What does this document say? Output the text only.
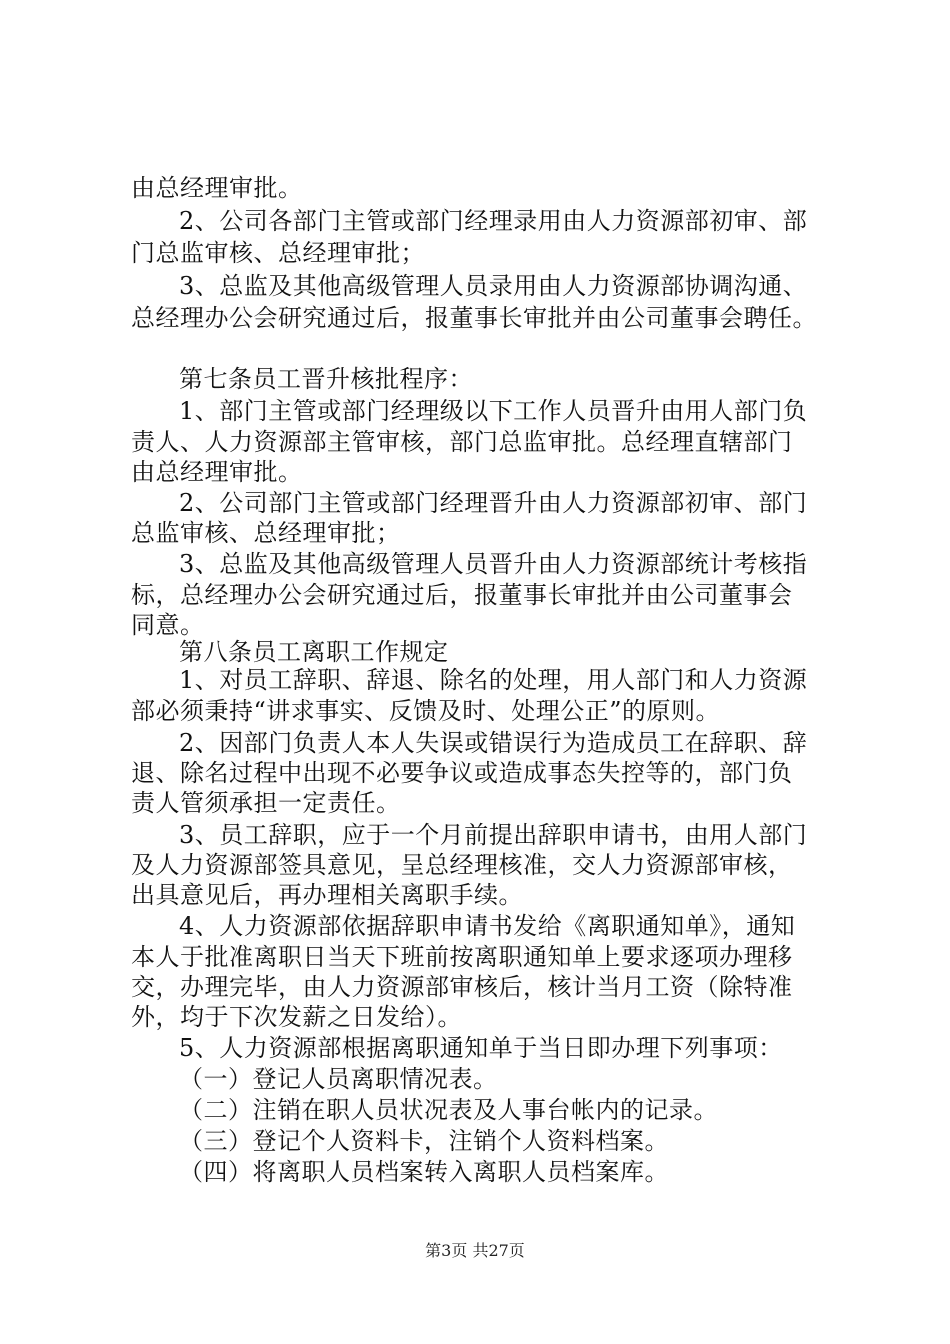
由总经理审批。
2、公司各部门主管或部门经理录用由人力资源部初审、部
门总监审核、总经理审批；
3、总监及其他高级管理人员录用由人力资源部协调沟通、
总经理办公会研究通过后，报董事长审批并由公司董事会聘任。
第七条员工晋升核批程序：
1、部门主管或部门经理级以下工作人员晋升由用人部门负
责人、人力资源部主管审核，部门总监审批。总经理直辖部门
由总经理审批。
2、公司部门主管或部门经理晋升由人力资源部初审、部门
总监审核、总经理审批；
3、总监及其他高级管理人员晋升由人力资源部统计考核指
标，总经理办公会研究通过后，报董事长审批并由公司董事会
同意。
第八条员工离职工作规定
1、对员工辞职、辞退、除名的处理，用人部门和人力资源
部必须秉持“讲求事实、反馈及时、处理公正”的原则。
2、因部门负责人本人失误或错误行为造成员工在辞职、辞
退、除名过程中出现不必要争议或造成事态失控等的，部门负
责人管须承担一定责任。
3、员工辞职，应于一个月前提出辞职申请书，由用人部门
及人力资源部签具意见，呈总经理核准，交人力资源部审核，
出具意见后，再办理相关离职手续。
4、人力资源部依据辞职申请书发给《离职通知单》，通知
本人于批准离职日当天下班前按离职通知单上要求逐项办理移
交，办理完毕，由人力资源部审核后，核计当月工资（除特准
外，均于下次发薪之日发给）。
5、人力资源部根据离职通知单于当日即办理下列事项：
（一）登记人员离职情况表。
（二）注销在职人员状况表及人事台帐内的记录。
（三）登记个人资料卡，注销个人资料档案。
（四）将离职人员档案转入离职人员档案库。
第3页 共27页
